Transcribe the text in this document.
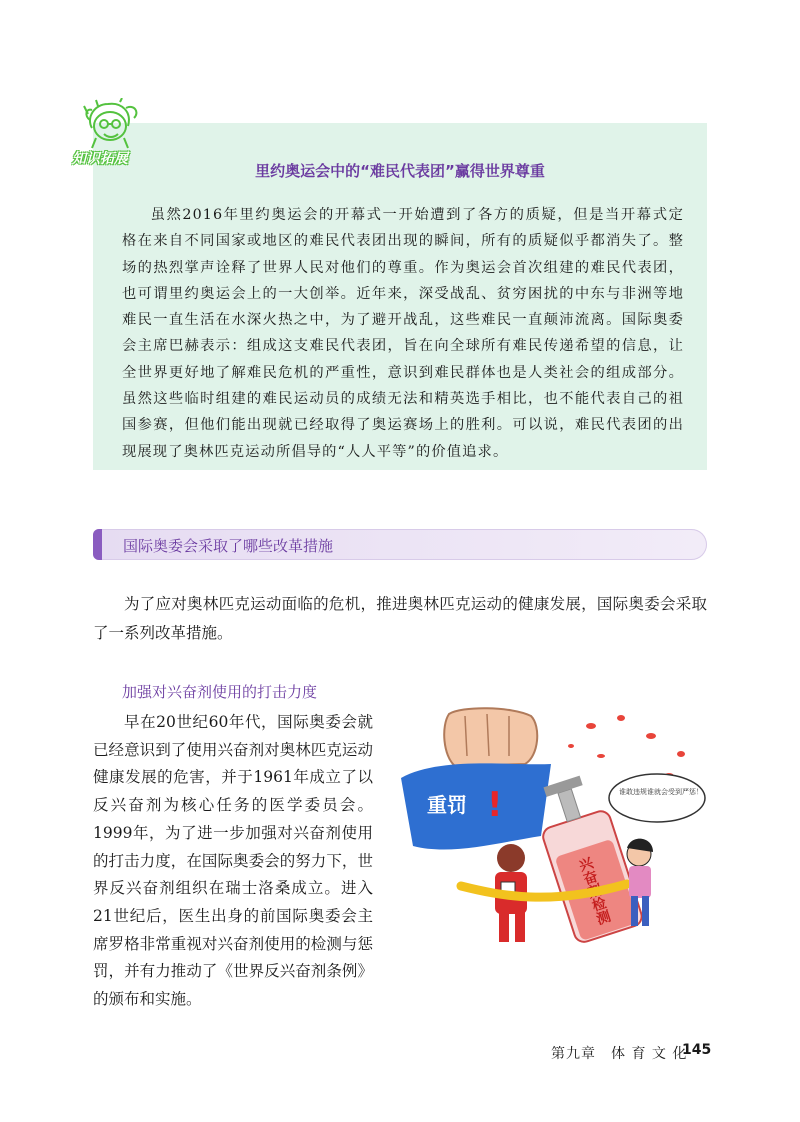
知识拓展
里约奥运会中的“难民代表团”赢得世界尊重
虽然2016年里约奥运会的开幕式一开始遭到了各方的质疑，但是当开幕式定格在来自不同国家或地区的难民代表团出现的瞬间，所有的质疑似乎都消失了。整场的热烈掌声诠释了世界人民对他们的尊重。作为奥运会首次组建的难民代表团，也可谓里约奥运会上的一大创举。近年来，深受战乱、贫穷困扰的中东与非洲等地难民一直生活在水深火热之中，为了避开战乱，这些难民一直颠沛流离。国际奥委会主席巴赫表示：组成这支难民代表团，旨在向全球所有难民传递希望的信息，让全世界更好地了解难民危机的严重性，意识到难民群体也是人类社会的组成部分。虽然这些临时组建的难民运动员的成绩无法和精英选手相比，也不能代表自己的祖国参赛，但他们能出现就已经取得了奥运赛场上的胜利。可以说，难民代表团的出现展现了奥林匹克运动所倡导的“人人平等”的价值追求。
国际奥委会采取了哪些改革措施
为了应对奥林匹克运动面临的危机，推进奥林匹克运动的健康发展，国际奥委会采取了一系列改革措施。
加强对兴奋剂使用的打击力度
早在20世纪60年代，国际奥委会就已经意识到了使用兴奋剂对奥林匹克运动健康发展的危害，并于1961年成立了以反兴奋剂为核心任务的医学委员会。1999年，为了进一步加强对兴奋剂使用的打击力度，在国际奥委会的努力下，世界反兴奋剂组织在瑞士洛桑成立。进入21世纪后，医生出身的前国际奥委会主席罗格非常重视对兴奋剂使用的检测与惩罚，并有力推动了《世界反兴奋剂条例》的颁布和实施。
重罚 !
兴奋剂检测
谁敢违规谁就会受到严惩！
第九章　体 育 文 化
145
